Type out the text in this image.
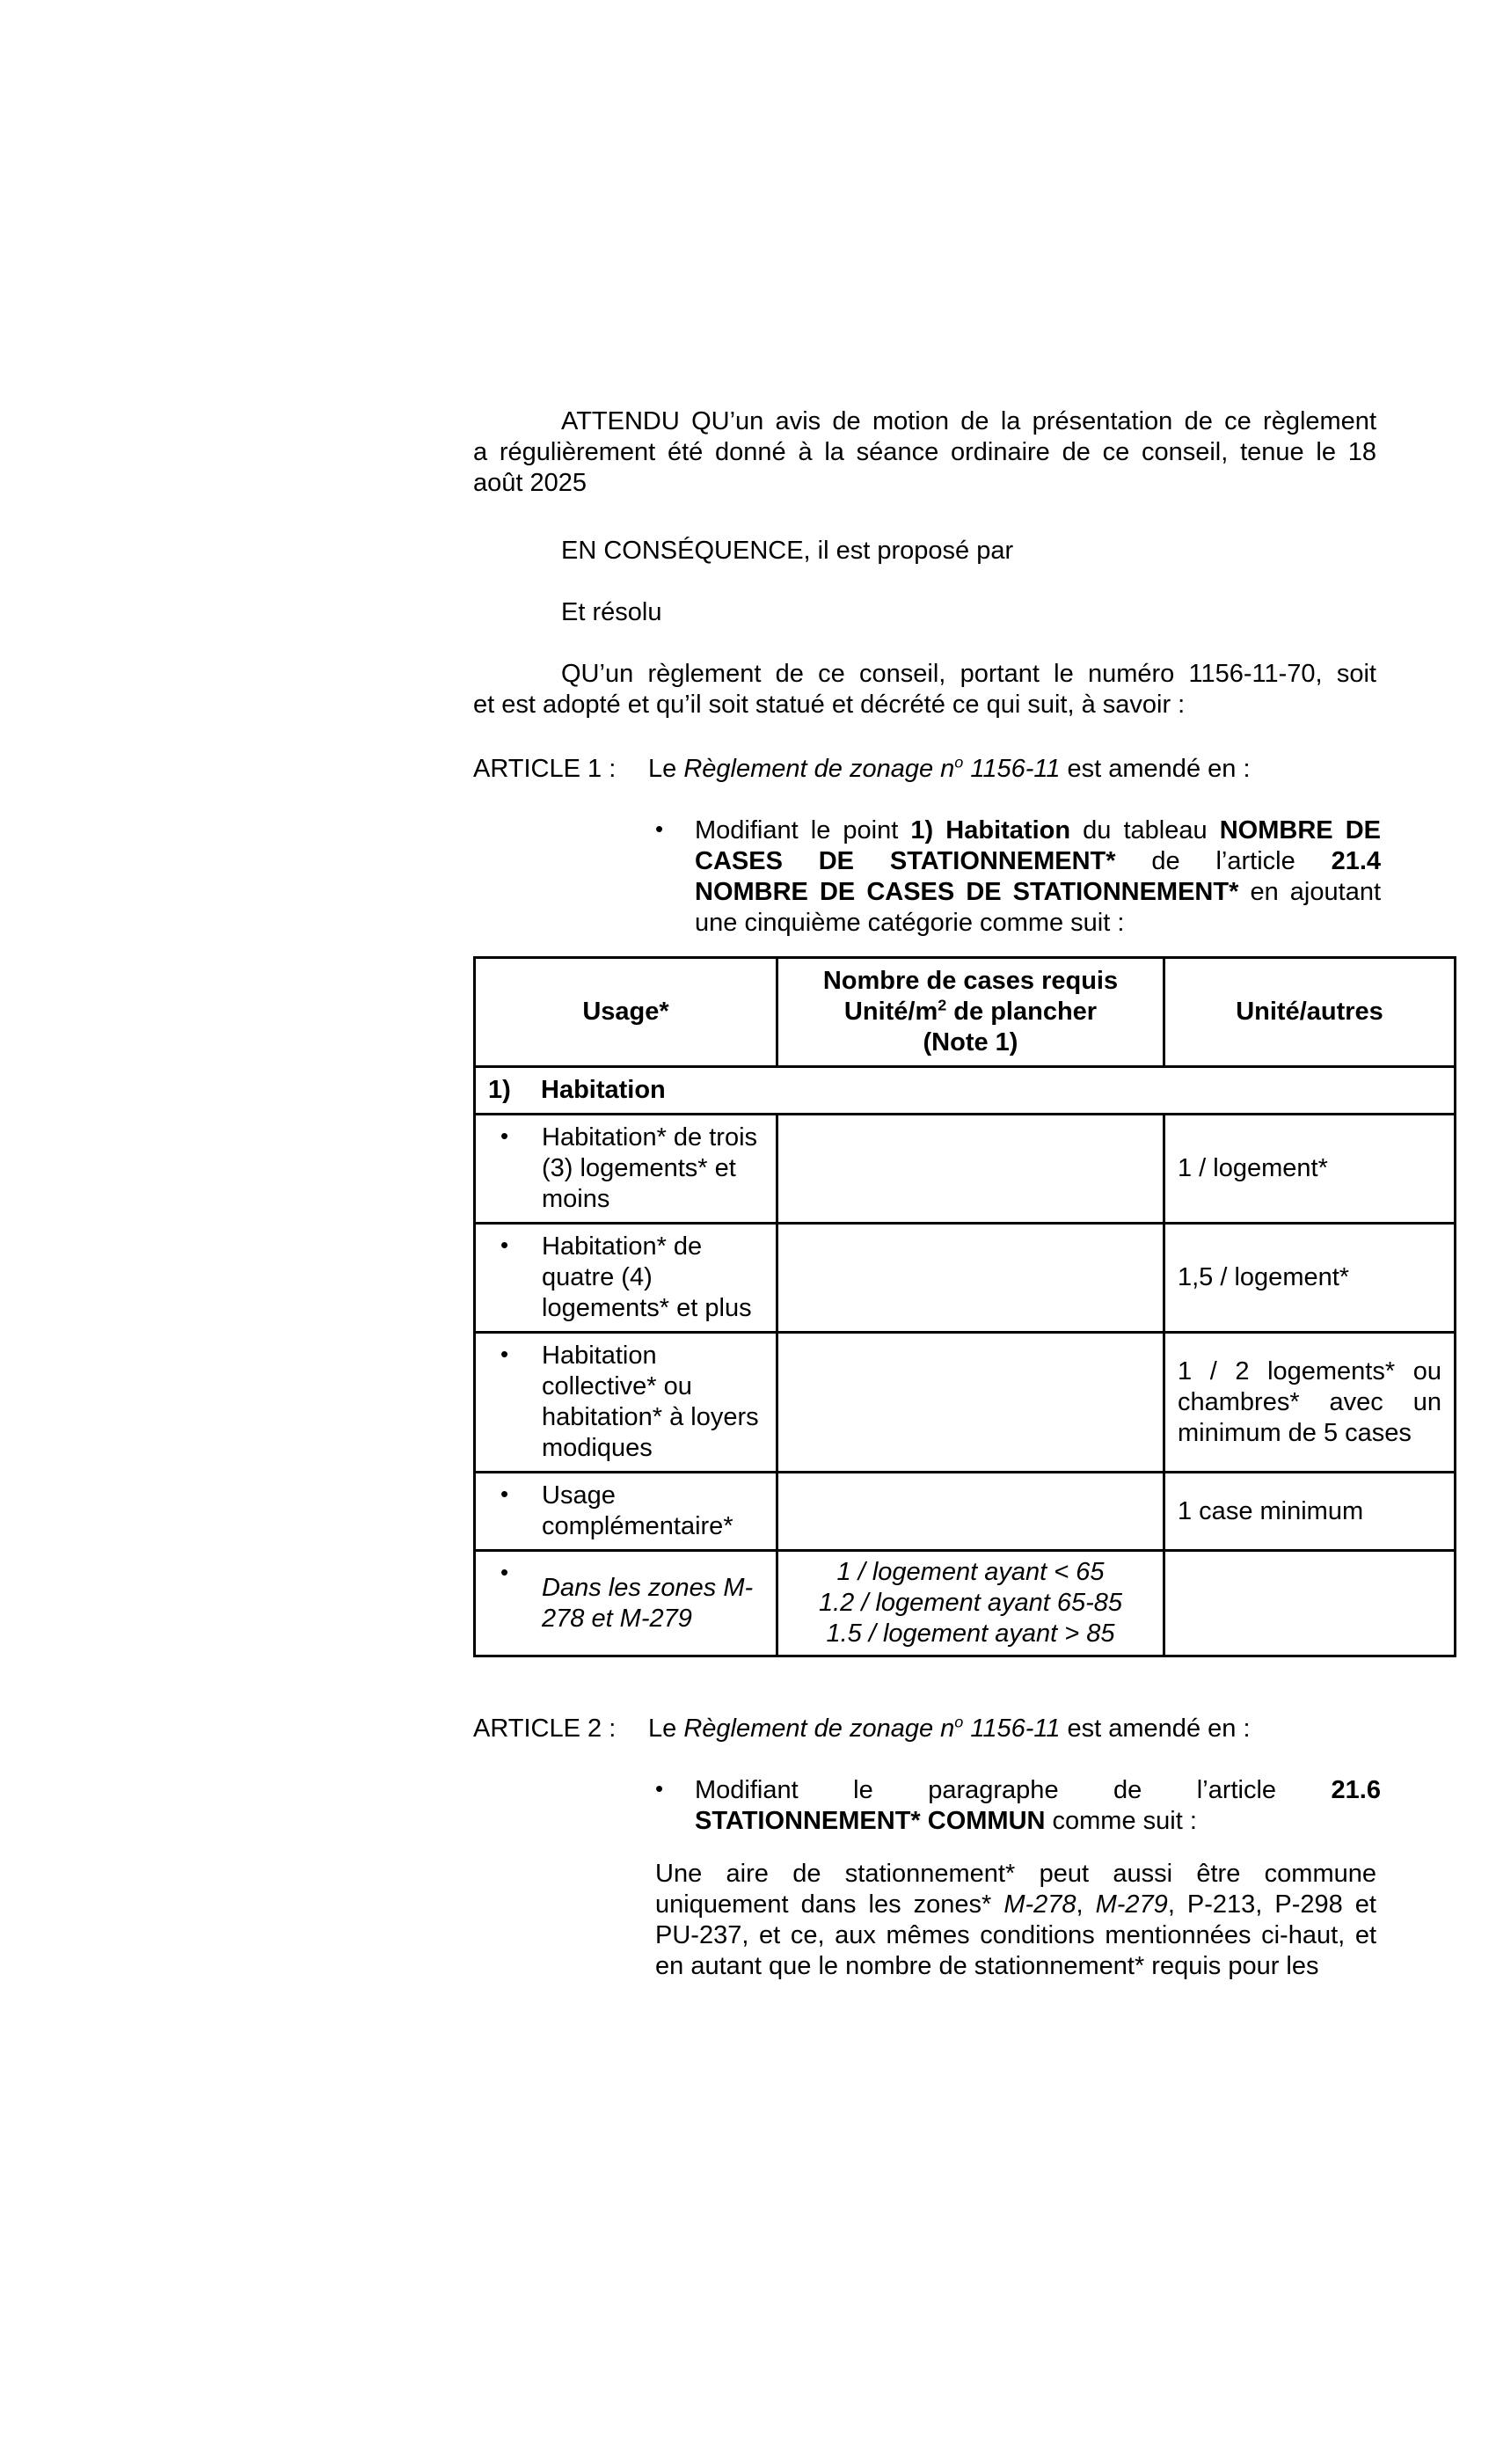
ATTENDU QU’un avis de motion de la présentation de ce règlement
a régulièrement été donné à la séance ordinaire de ce conseil, tenue le 18
août 2025
EN CONSÉQUENCE, il est proposé par
Et résolu
QU’un règlement de ce conseil, portant le numéro 1156-11-70, soit
et est adopté et qu’il soit statué et décrété ce qui suit, à savoir :
ARTICLE 1 :	Le Règlement de zonage $n^o$ 1156-11 est amendé en :
• Modifiant le point 1) Habitation du tableau NOMBRE DE
CASES DE STATIONNEMENT* de l’article 21.4
NOMBRE DE CASES DE STATIONNEMENT* en ajoutant
une cinquième catégorie comme suit :
Usage*	Nombre de cases requis
Unité/$m^2$ de plancher
(Note 1)	Unité/autres
1) Habitation		

• Habitation* de trois (3) logements* et moins		1 / logement*

• Habitation* de quatre (4) logements* et plus		1,5 / logement*

• Habitation collective* ou habitation* à loyers modiques		1 / 2 logements* ou
chambres* avec un
minimum de 5 cases

• Usage complémentaire*		1 case minimum

•
Dans les zones M-278 et M-279	1 / logement ayant < 65
1.2 / logement ayant 65-85
1.5 / logement ayant > 85	

ARTICLE 2 :	Le Règlement de zonage $n^o$ 1156-11 est amendé en :
• Modifiant le paragraphe de l’article 21.6
STATIONNEMENT* COMMUN comme suit :
Une aire de stationnement* peut aussi être commune
uniquement dans les zones* M-278, M-279, P-213, P-298 et
PU-237, et ce, aux mêmes conditions mentionnées ci-haut, et
en autant que le nombre de stationnement* requis pour les
